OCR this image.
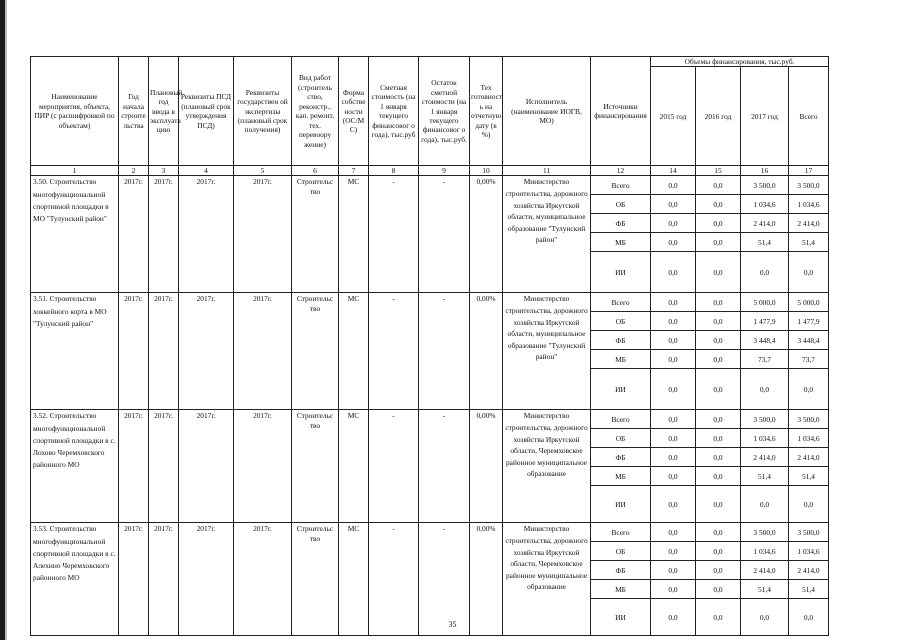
Наименование мероприятия, объекта, ПИР (с расшифровкой по объектам)	Год начала строите льства	Плановый год ввода в эксплуата цию	Реквизиты ПСД (плановый срок утверждения ПСД)	Реквизиты государствен ой экспертизы (плановый срок получения)	Вид работ (строитель ство, реконстр., кап. ремонт, тех. перевоору жение)	Форма собстве ности (ОС/М С)	Сметная стоимость (на 1 января текущего финансовог о года), тыс.руб	Остаток сметной стоимости (на 1 января текущего финансовог о года), тыс.руб.	Тех готовност ь на отчетную дату (в %)	Исполнитель (наименование ИОГВ, МО)	Источники финансирования	Объемы финансирования, тыс.руб.			
												2015 год	2016 год	2017 год	Всего
1	2	3	4	5	6	7	8	9	10	11	12	14	15	16	17
3.50. Строительство многофункциональной спортивной площадки в МО "Тулунский район"	2017г.	2017г.	2017г.	2017г.	Строительс тво	МС	-	-	0,00%	Министерство строительства, дорожного хозяйства Иркутской области, муниципальное образование "Тулунский район"	Всего	0,0	0,0	3 500,0	3 500,0
											ОБ	0,0	0,0	1 034,6	1 034,6
											ФБ	0,0	0,0	2 414,0	2 414,0
											МБ	0,0	0,0	51,4	51,4
											ИИ	0,0	0,0	0,0	0,0
3.51. Строительство хоккейного корта в МО "Тулунский район"	2017г.	2017г.	2017г.	2017г.	Строительс тво	МС	-	-	0,00%	Министерство строительства, дорожного хозяйства Иркутской области, муниципальное образование "Тулунский район"	Всего	0,0	0,0	5 000,0	5 000,0
											ОБ	0,0	0,0	1 477,9	1 477,9
											ФБ	0,0	0,0	3 448,4	3 448,4
											МБ	0,0	0,0	73,7	73,7
											ИИ	0,0	0,0	0,0	0,0
3.52. Строительство многофункциональной спортивной площадки в с. Лохово Черемховского районного МО	2017г.	2017г.	2017г.	2017г.	Строительс тво	МС	-	-	0,00%	Министерство строительства, дорожного хозяйства Иркутской области, Черемховское районное муниципальное образование	Всего	0,0	0,0	3 500,0	3 500,0
											ОБ	0,0	0,0	1 034,6	1 034,6
											ФБ	0,0	0,0	2 414,0	2 414,0
											МБ	0,0	0,0	51,4	51,4
											ИИ	0,0	0,0	0,0	0,0
3.53. Строительство многофункциональной спортивной площадки в с. Алехино Черемховского районного МО	2017г.	2017г.	2017г.	2017г.	Строительс тво	МС	-	-	0,00%	Министерство строительства, дорожного хозяйства Иркутской области, Черемховское районное муниципальное образование	Всего	0,0	0,0	3 500,0	3 500,0
											ОБ	0,0	0,0	1 034,6	1 034,6
											ФБ	0,0	0,0	2 414,0	2 414,0
											МБ	0,0	0,0	51,4	51,4
											ИИ	0,0	0,0	0,0	0,0
35
